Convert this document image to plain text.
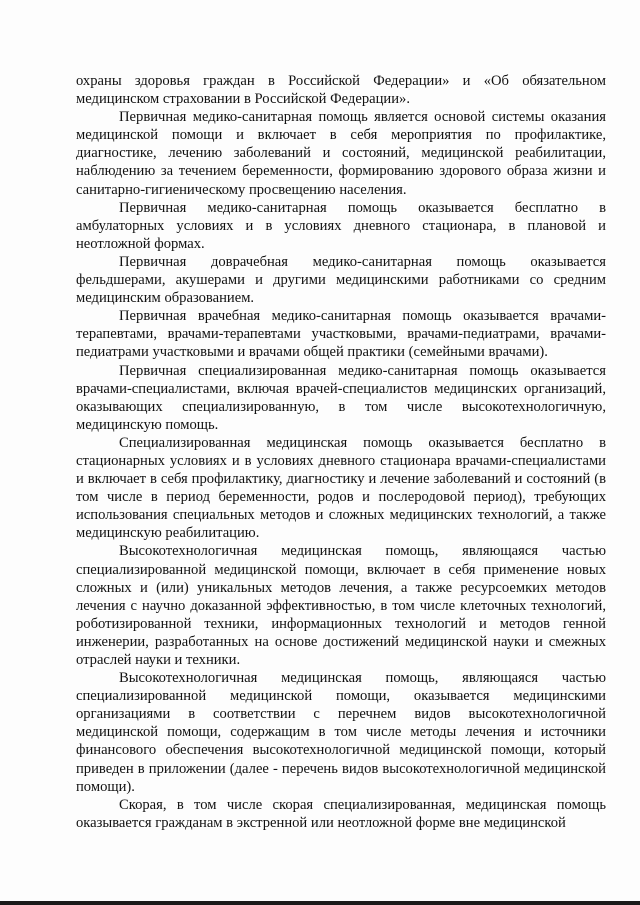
охраны здоровья граждан в Российской Федерации» и «Об обязательном медицинском страховании в Российской Федерации».

Первичная медико-санитарная помощь является основой системы оказания медицинской помощи и включает в себя мероприятия по профилактике, диагностике, лечению заболеваний и состояний, медицинской реабилитации, наблюдению за течением беременности, формированию здорового образа жизни и санитарно-гигиеническому просвещению населения.

Первичная медико-санитарная помощь оказывается бесплатно в амбулаторных условиях и в условиях дневного стационара, в плановой и неотложной формах.

Первичная доврачебная медико-санитарная помощь оказывается фельдшерами, акушерами и другими медицинскими работниками со средним медицинским образованием.

Первичная врачебная медико-санитарная помощь оказывается врачами-терапевтами, врачами-терапевтами участковыми, врачами-педиатрами, врачами-педиатрами участковыми и врачами общей практики (семейными врачами).

Первичная специализированная медико-санитарная помощь оказывается врачами-специалистами, включая врачей-специалистов медицинских организаций, оказывающих специализированную, в том числе высокотехнологичную, медицинскую помощь.

Специализированная медицинская помощь оказывается бесплатно в стационарных условиях и в условиях дневного стационара врачами-специалистами и включает в себя профилактику, диагностику и лечение заболеваний и состояний (в том числе в период беременности, родов и послеродовой период), требующих использования специальных методов и сложных медицинских технологий, а также медицинскую реабилитацию.

Высокотехнологичная медицинская помощь, являющаяся частью специализированной медицинской помощи, включает в себя применение новых сложных и (или) уникальных методов лечения, а также ресурсоемких методов лечения с научно доказанной эффективностью, в том числе клеточных технологий, роботизированной техники, информационных технологий и методов генной инженерии, разработанных на основе достижений медицинской науки и смежных отраслей науки и техники.

Высокотехнологичная медицинская помощь, являющаяся частью специализированной медицинской помощи, оказывается медицинскими организациями в соответствии с перечнем видов высокотехнологичной медицинской помощи, содержащим в том числе методы лечения и источники финансового обеспечения высокотехнологичной медицинской помощи, который приведен в приложении (далее - перечень видов высокотехнологичной медицинской помощи).

Скорая, в том числе скорая специализированная, медицинская помощь оказывается гражданам в экстренной или неотложной форме вне медицинской
